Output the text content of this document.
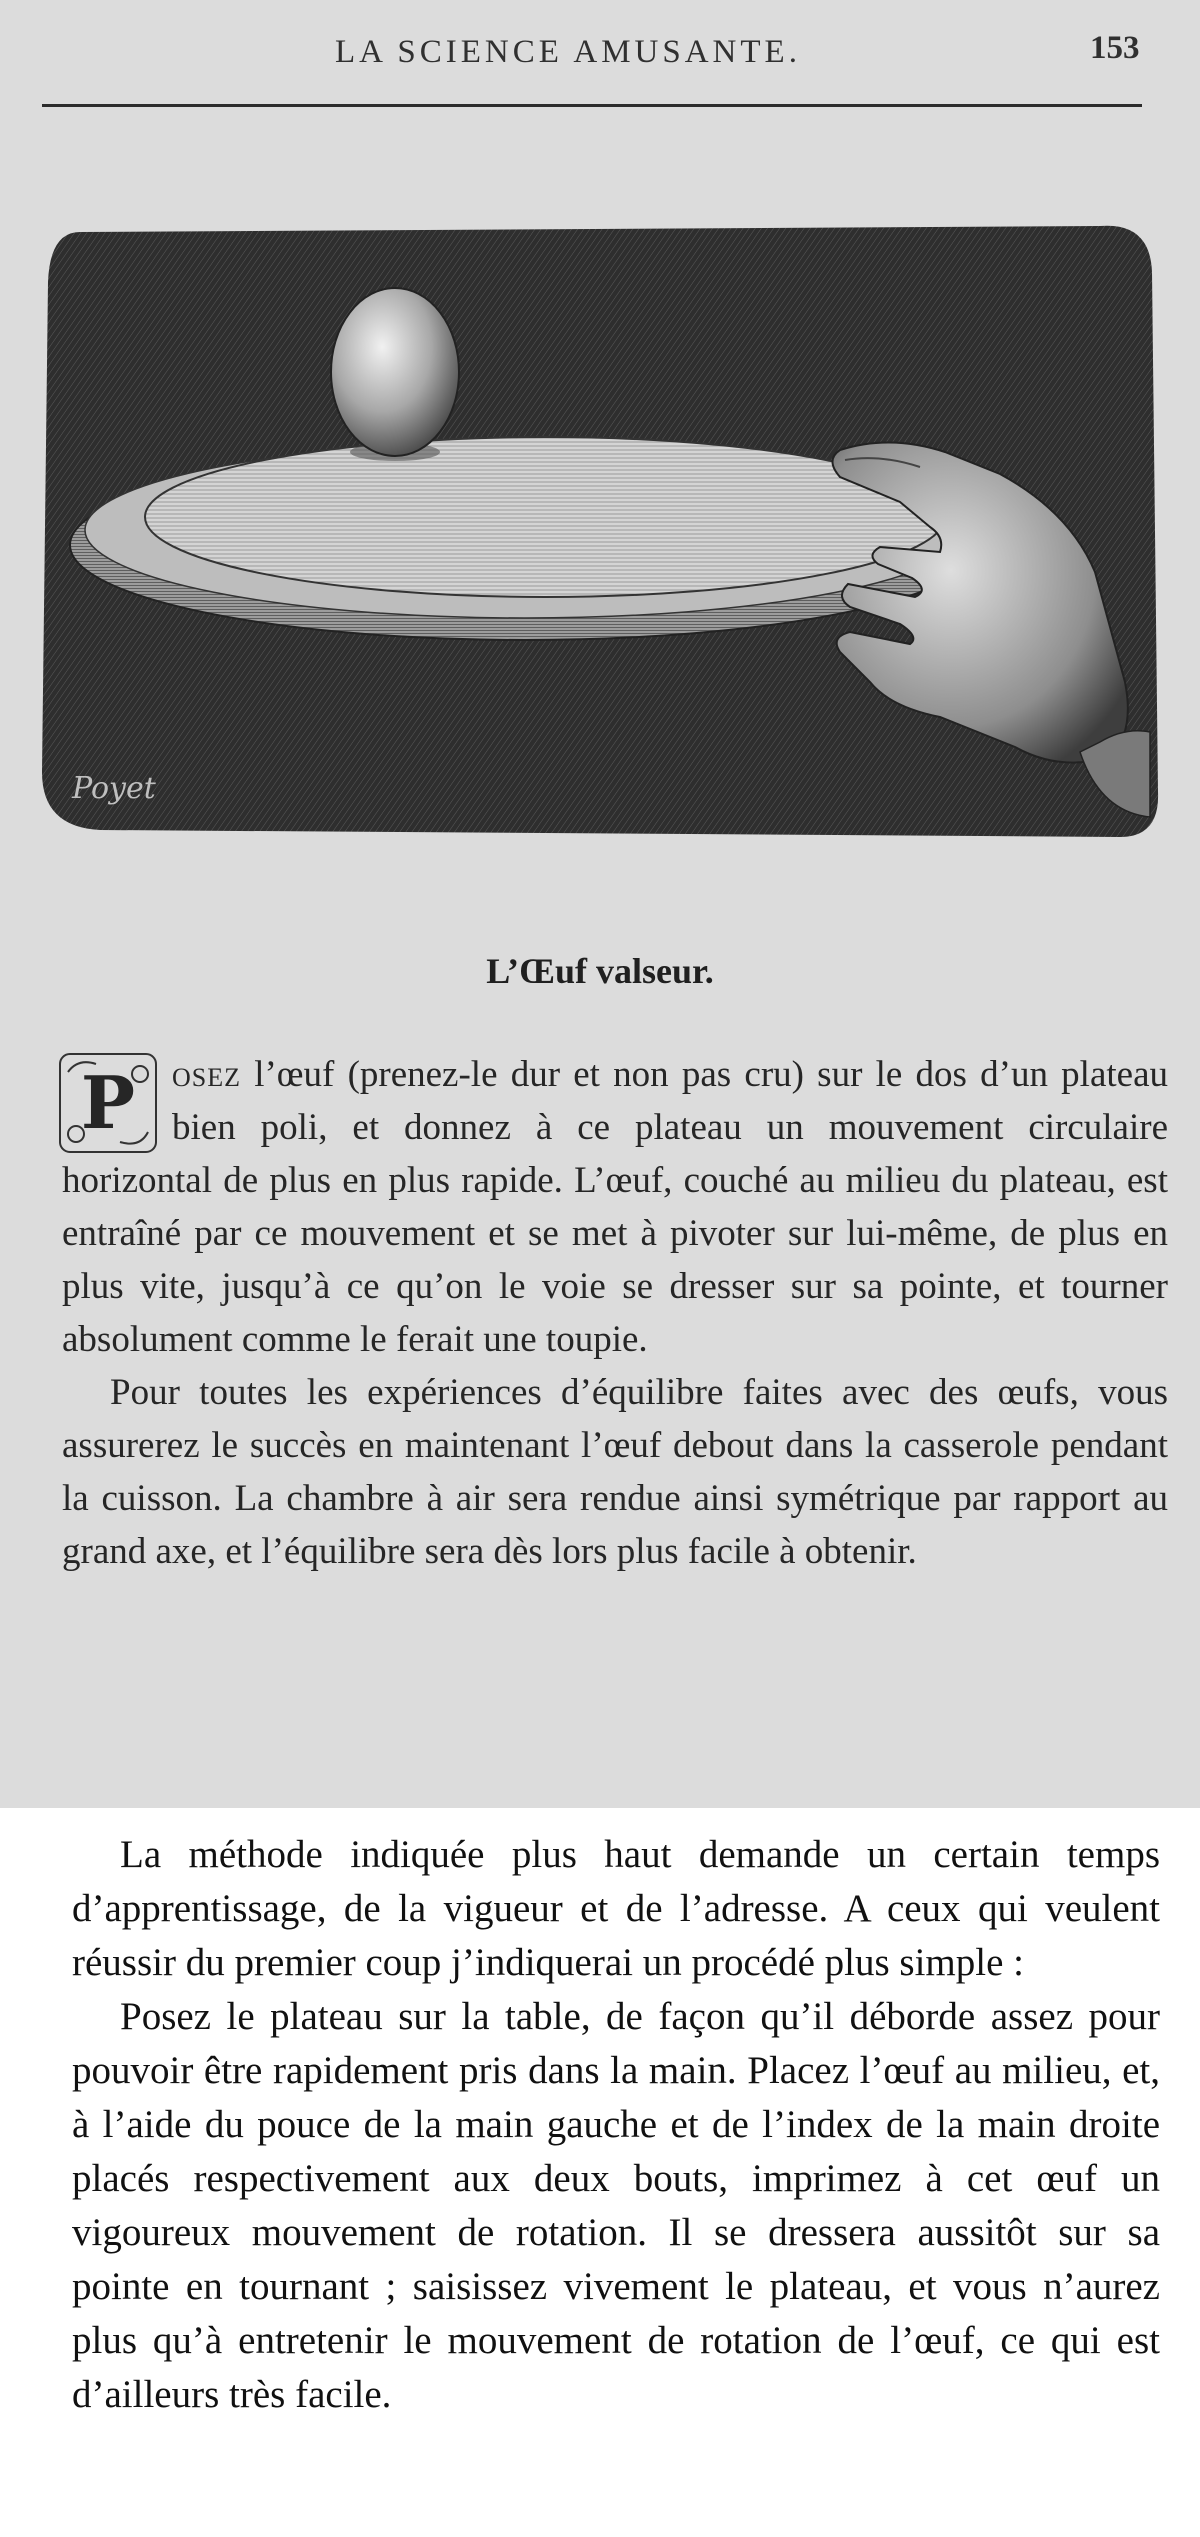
LA SCIENCE AMUSANTE.	153
Poyet
L’Œuf valseur.

P osez l’œuf (prenez-le dur et non pas cru) sur le dos d’un plateau bien poli, et donnez à ce plateau un mouvement circulaire horizontal de plus en plus rapide. L’œuf, couché au milieu du plateau, est entraîné par ce mouvement et se met à pivoter sur lui-même, de plus en plus vite, jusqu’à ce qu’on le voie se dresser sur sa pointe, et tourner absolument comme le ferait une toupie.

Pour toutes les expériences d’équilibre faites avec des œufs, vous assurerez le succès en maintenant l’œuf debout dans la casserole pendant la cuisson. La chambre à air sera rendue ainsi symétrique par rapport au grand axe, et l’équilibre sera dès lors plus facile à obtenir.

La méthode indiquée plus haut demande un certain temps d’apprentissage, de la vigueur et de l’adresse. A ceux qui veulent réussir du premier coup j’indiquerai un procédé plus simple :

Posez le plateau sur la table, de façon qu’il déborde assez pour pouvoir être rapidement pris dans la main. Placez l’œuf au milieu, et, à l’aide du pouce de la main gauche et de l’index de la main droite placés respectivement aux deux bouts, imprimez à cet œuf un vigoureux mouvement de rotation. Il se dressera aussitôt sur sa pointe en tournant ; saisissez vivement le plateau, et vous n’aurez plus qu’à entretenir le mouvement de rotation de l’œuf, ce qui est d’ailleurs très facile.
